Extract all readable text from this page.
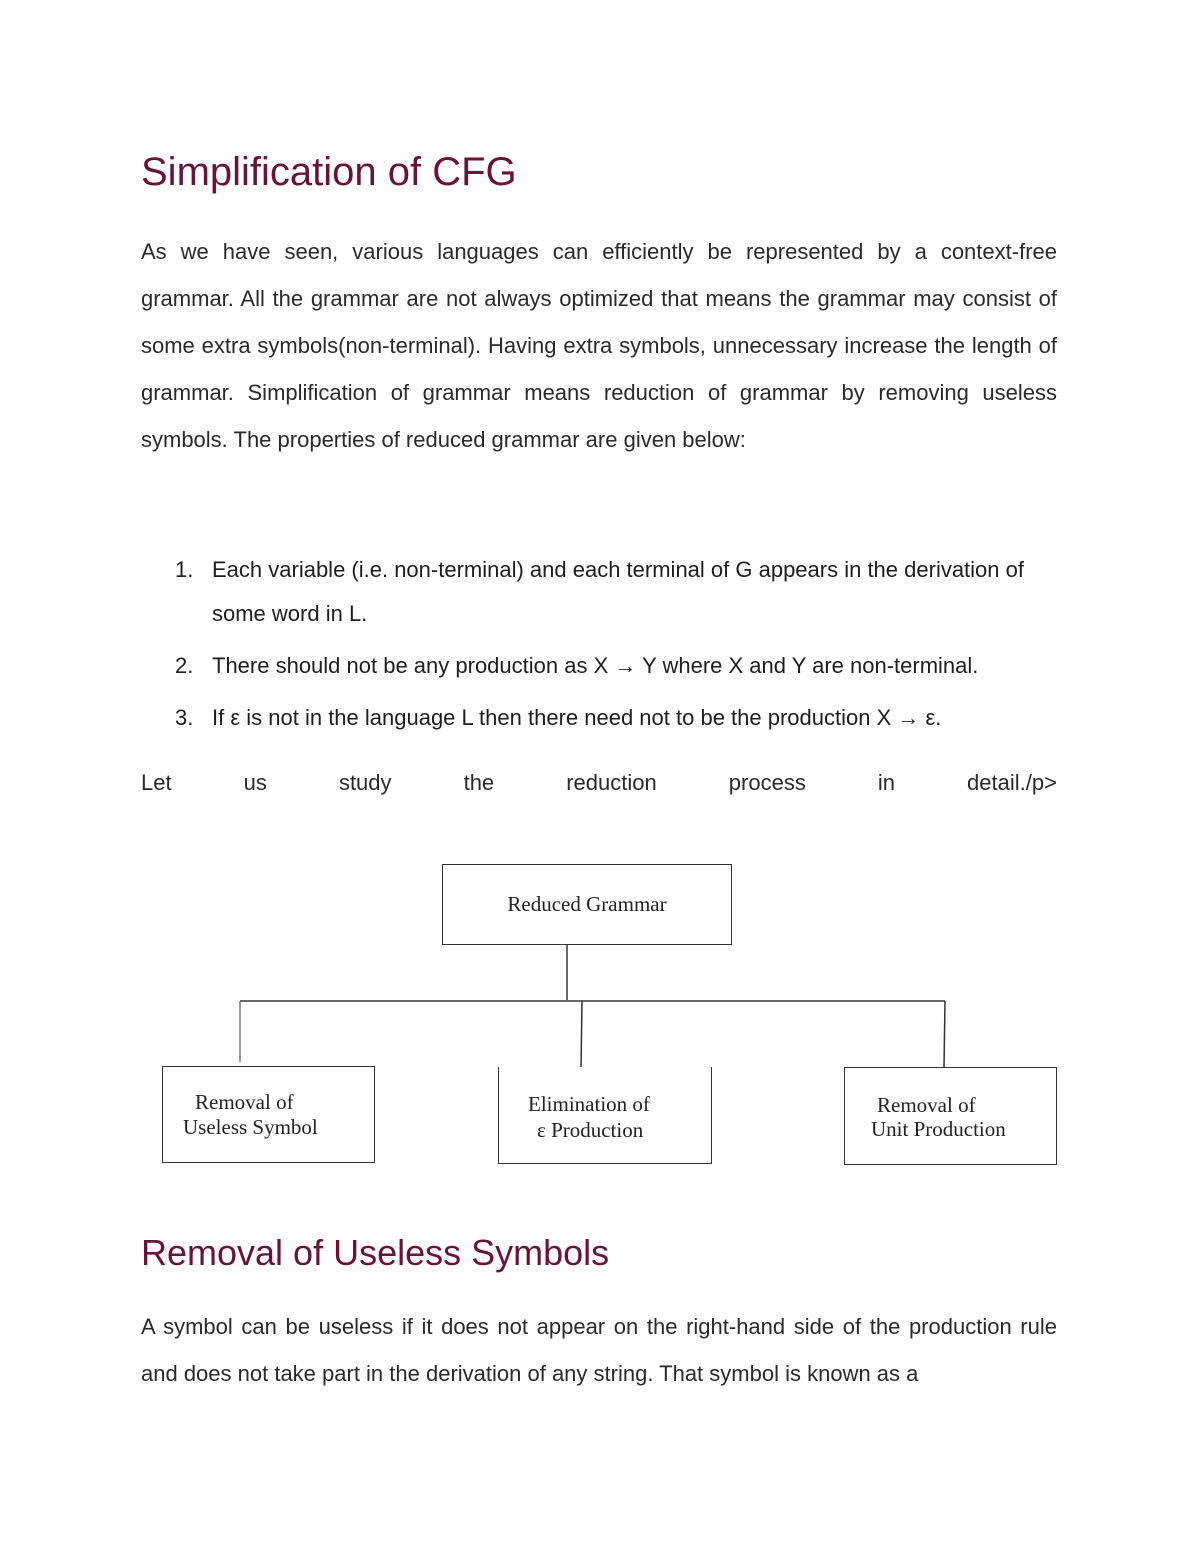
Simplification of CFG

As we have seen, various languages can efficiently be represented by a context-free grammar. All the grammar are not always optimized that means the grammar may consist of some extra symbols(non-terminal). Having extra symbols, unnecessary increase the length of grammar. Simplification of grammar means reduction of grammar by removing useless symbols. The properties of reduced grammar are given below:

1. Each variable (i.e. non-terminal) and each terminal of G appears in the derivation of some word in L.
2. There should not be any production as X → Y where X and Y are non-terminal.
3. If ε is not in the language L then there need not to be the production X → ε.
Let	us	study	the	reduction	process	in	detail./p>
Reduced Grammar
Removal of
Useless Symbol
Elimination of
ε Production
Removal of
Unit Production
Removal of Useless Symbols

A symbol can be useless if it does not appear on the right-hand side of the production rule and does not take part in the derivation of any string. That symbol is known as a
